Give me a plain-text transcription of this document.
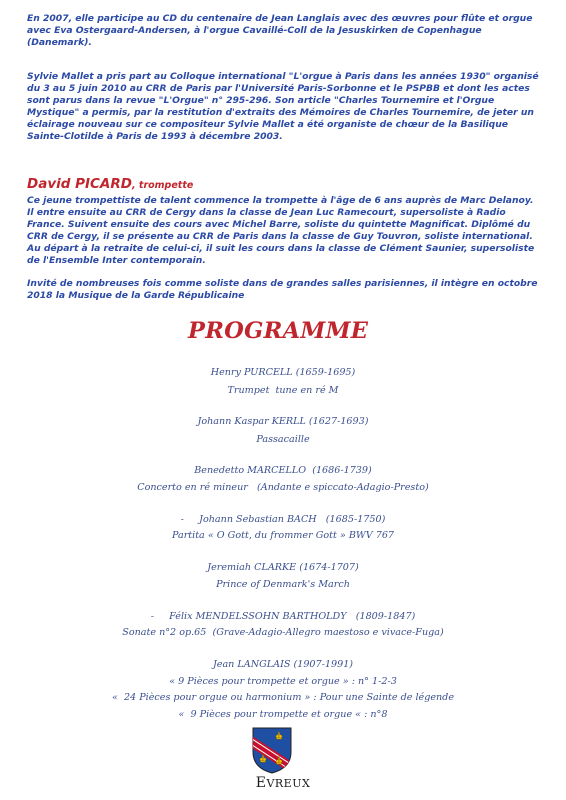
En 2007, elle participe au CD du centenaire de Jean Langlais avec des œuvres pour flûte et orgue avec Eva Ostergaard-Andersen, à l'orgue Cavaillé-Coll de la Jesuskirken de Copenhague (Danemark).

Sylvie Mallet a pris part au Colloque international "L'orgue à Paris dans les années 1930" organisé du 3 au 5 juin 2010 au CRR de Paris par l'Université Paris-Sorbonne et le PSPBB et dont les actes sont parus dans la revue "L'Orgue" n° 295-296. Son article "Charles Tournemire et l'Orgue Mystique" a permis, par la restitution d'extraits des Mémoires de Charles Tournemire, de jeter un éclairage nouveau sur ce compositeur Sylvie Mallet a été organiste de chœur de la Basilique Sainte-Clotilde à Paris de 1993 à décembre 2003.

David PICARD, trompette

Ce jeune trompettiste de talent commence la trompette à l'âge de 6 ans auprès de Marc Delanoy. Il entre ensuite au CRR de Cergy dans la classe de Jean Luc Ramecourt, supersoliste à Radio France. Suivent ensuite des cours avec Michel Barre, soliste du quintette Magnificat. Diplômé du CRR de Cergy, il se présente au CRR de Paris dans la classe de Guy Touvron, soliste international. Au départ à la retraite de celui-ci, il suit les cours dans la classe de Clément Saunier, supersoliste de l'Ensemble Inter contemporain.

Invité de nombreuses fois comme soliste dans de grandes salles parisiennes, il intègre en octobre 2018 la Musique de la Garde Républicaine

PROGRAMME
Henry PURCELL (1659-1695)
Trumpet  tune en ré M
Johann Kaspar KERLL (1627-1693)
Passacaille
Benedetto MARCELLO  (1686-1739)
Concerto en ré mineur   (Andante e spiccato-Adagio-Presto)
-     Johann Sebastian BACH   (1685-1750)
Partita « O Gott, du frommer Gott » BWV 767
Jeremiah CLARKE (1674-1707)
Prince of Denmark's March
-     Félix MENDELSSOHN BARTHOLDY   (1809-1847)
Sonate n°2 op.65  (Grave-Adagio-Allegro maestoso e vivace-Fuga)
Jean LANGLAIS (1907-1991)
« 9 Pièces pour trompette et orgue » : n° 1-2-3
«  24 Pièces pour orgue ou harmonium » : Pour une Sainte de légende
«  9 Pièces pour trompette et orgue « : n°8
EVREUX
